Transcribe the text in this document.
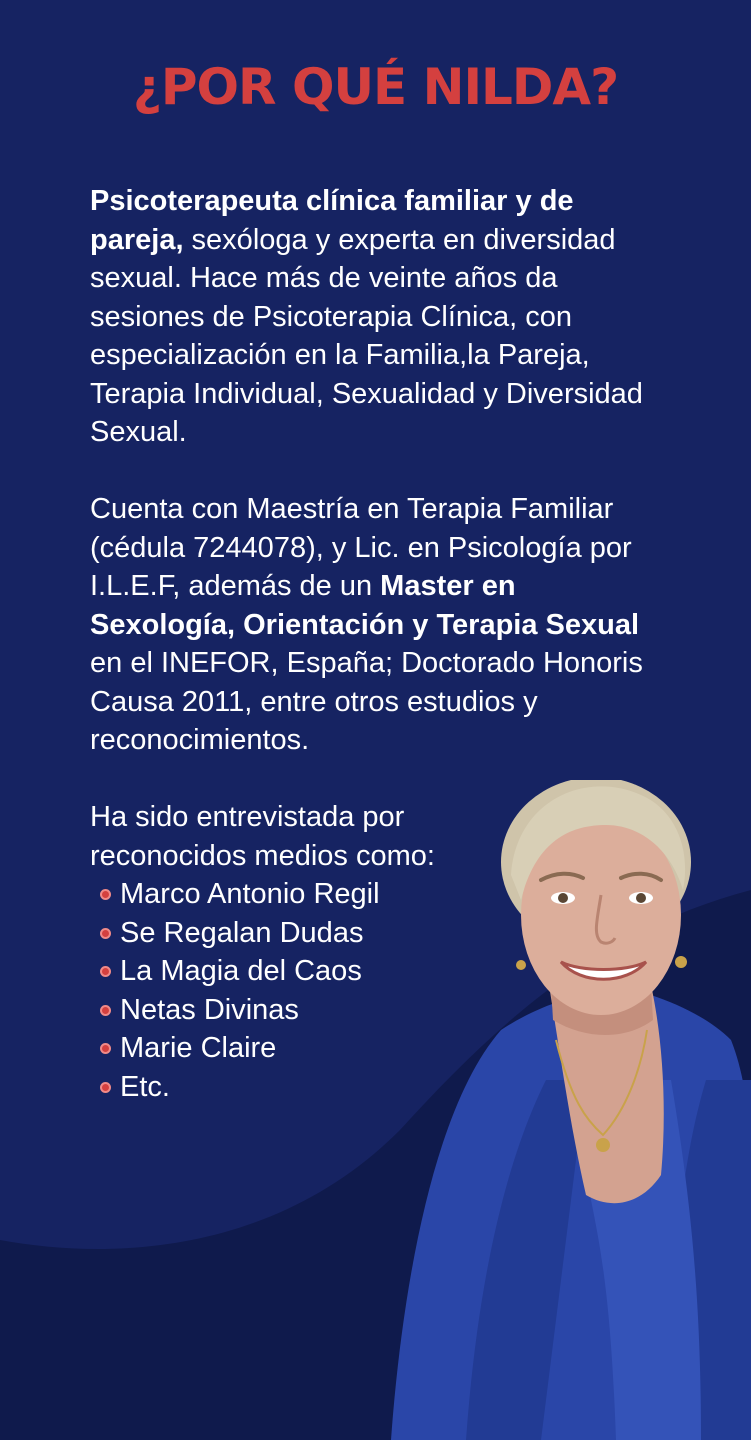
¿POR QUÉ NILDA?

Psicoterapeuta clínica familiar y de pareja, sexóloga y experta en diversidad sexual. Hace más de veinte años da sesiones de Psicoterapia Clínica, con especialización en la Familia,la Pareja, Terapia Individual, Sexualidad y Diversidad Sexual.

Cuenta con Maestría en Terapia Familiar (cédula 7244078), y Lic. en Psicología por I.L.E.F, además de un Master en Sexología, Orientación y Terapia Sexual en el INEFOR, España; Doctorado Honoris Causa 2011, entre otros estudios y reconocimientos.

Ha sido entrevistada por reconocidos medios como:
Marco Antonio Regil
Se Regalan Dudas
La Magia del Caos
Netas Divinas
Marie Claire
Etc.
